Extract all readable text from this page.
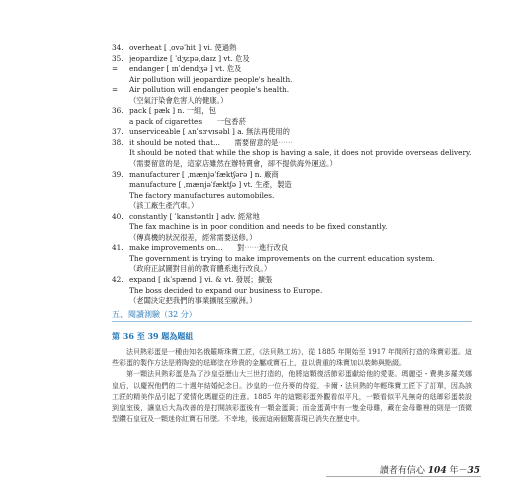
34. overheat [ ˌovəˈhit ] vi. 使過熱
35. jeopardize [ ˈdʒɛpəˌdaɪz ] vt. 危及
=	endanger [ ɪnˈdendʒə ] vt. 危及
Air pollution will jeopardize people's health.
=	Air pollution will endanger people's health.
（空氣汙染會危害人的健康。）
36. pack [ pæk ] n. 一組，包
a pack of cigarettes　　一包香菸
37. unserviceable [ ʌnˈsɝvɪsəbl ] a. 無法再使用的
38. it should be noted that...　　需要留意的是⋯⋯
It should be noted that while the shop is having a sale, it does not provide overseas delivery.
（需要留意的是，這家店雖然在辦特賣會，卻不提供海外運送。）
39. manufacturer [ ˌmænjəˈfæktʃərə ] n. 廠商
manufacture [ ˌmænjəˈfæktʃə ] vt. 生產，製造
The factory manufactures automobiles.
（該工廠生產汽車。）
40. constantly [ ˈkanstəntlɪ ] adv. 經常地
The fax machine is in poor condition and needs to be fixed constantly.
（傳真機的狀況很差，經常需要送修。）
41. make improvements on...　　對⋯⋯進行改良
The government is trying to make improvements on the current education system.
（政府正試圖對目前的教育體系進行改良。）
42. expand [ ɪkˈspænd ] vi. & vt. 發展；擴張
The boss decided to expand our business to Europe.
（老闆決定把我們的事業擴展至歐洲。）
五、閱讀測驗（32 分）
第 36 至 39 題為題組

法貝熱彩蛋是一種由知名俄羅斯珠寶工匠，《法貝熱工坊》，從 1885 年開始至 1917 年間所打造的珠寶彩蛋。這些彩蛋的製作方法是將陶瓷的琺瑯塗在珍貴的金屬或寶石上，並以貴重的珠寶加以裝飾與點綴。

第一顆法貝熱彩蛋是為了沙皇亞歷山大三世打造的，他將這顆復活節彩蛋獻給他的愛妻。瑪麗亞・費奧多羅芙娜皇后，以慶祝他們的二十週年結婚紀念日。沙皇的一位丹麥的侍從，卡爾・法貝熱的年輕珠寶工匠下了訂單，因為該工匠的精美作品引起了愛情化瑪麗亞的注意。1885 年的這顆彩蛋外觀看似平凡，一顆看似平凡無奇的琺瑯彩蛋裝設到皇室後，讓皇后大為改善的是打開該彩蛋後有一顆金蛋黃；而金蛋黃中有一隻金母雞，藏在金母雞裡的則是一頂微型鑽石皇冠及一顆迷你紅寶石吊墜。不幸地，後面這兩個驚喜現已消失在歷史中。

讀者有信心 104 年－35
